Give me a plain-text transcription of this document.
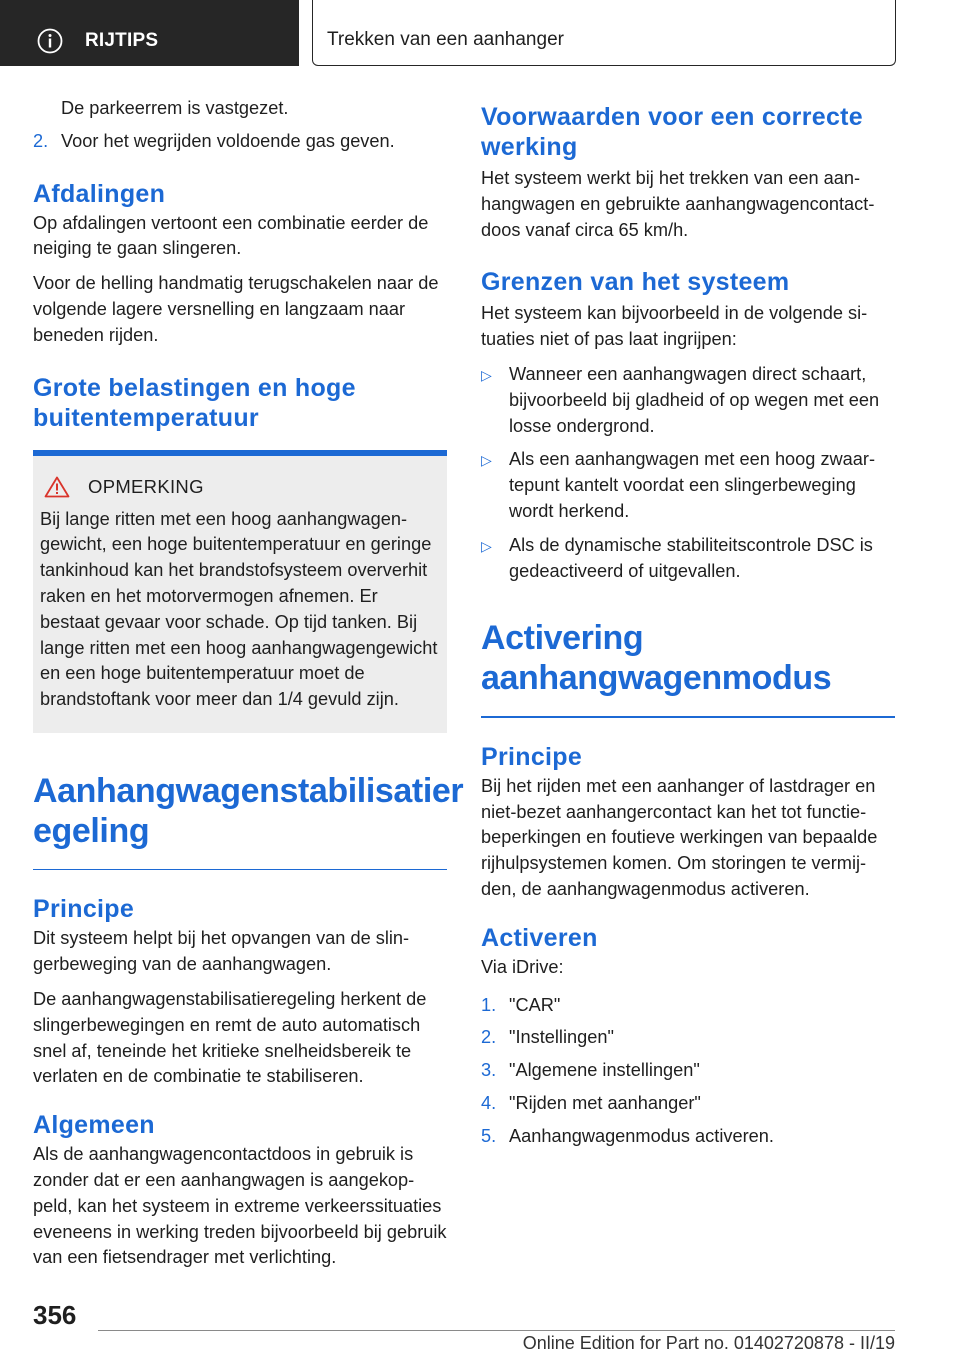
RIJTIPS	Trekken van een aanhanger

De parkeerrem is vastgezet.

2. Voor het wegrijden voldoende gas geven.
Afdalingen

Op afdalingen vertoont een combinatie eerder de neiging te gaan slingeren.

Voor de helling handmatig terugschakelen naar de volgende lagere versnelling en langzaam naar beneden rijden.

Grote belastingen en hoge buitentemperatuur
OPMERKING

Bij lange ritten met een hoog aanhangwagengewicht, een hoge buitentemperatuur en geringe tankinhoud kan het brandstofsysteem oververhit raken en het motorvermogen afnemen. Er bestaat gevaar voor schade. Op tijd tanken. Bij lange ritten met een hoog aanhangwagengewicht en een hoge buitentemperatuur moet de brandstoftank voor meer dan 1/4 gevuld zijn.

Aanhangwagenstabilisatier egeling
Principe

Dit systeem helpt bij het opvangen van de slingerbeweging van de aanhangwagen.

De aanhangwagenstabilisatieregeling herkent de slingerbewegingen en remt de auto automatisch snel af, teneinde het kritieke snelheidsbereik te verlaten en de combinatie te stabiliseren.

Algemeen

Als de aanhangwagencontactdoos in gebruik is zonder dat er een aanhangwagen is aangekoppeld, kan het systeem in extreme verkeerssituaties eveneens in werking treden bijvoorbeeld bij gebruik van een fietsendrager met verlichting.

Voorwaarden voor een correcte werking

Het systeem werkt bij het trekken van een aanhangwagen en gebruikte aanhangwagencontactdoos vanaf circa 65 km/h.

Grenzen van het systeem

Het systeem kan bijvoorbeeld in de volgende situaties niet of pas laat ingrijpen:

▷ Wanneer een aanhangwagen direct schaart, bijvoorbeeld bij gladheid of op wegen met een losse ondergrond.
▷ Als een aanhangwagen met een hoog zwaartepunt kantelt voordat een slingerbeweging wordt herkend.
▷ Als de dynamische stabiliteitscontrole DSC is gedeactiveerd of uitgevallen.
Activering aanhangwagenmodus
Principe

Bij het rijden met een aanhanger of lastdrager en niet-bezet aanhangercontact kan het tot functiebeperkingen en foutieve werkingen van bepaalde rijhulpsystemen komen. Om storingen te vermijden, de aanhangwagenmodus activeren.

Activeren

Via iDrive:

1. "CAR"
2. "Instellingen"
3. "Algemene instellingen"
4. "Rijden met aanhanger"
5. Aanhangwagenmodus activeren.
356
Online Edition for Part no. 01402720878 - II/19
